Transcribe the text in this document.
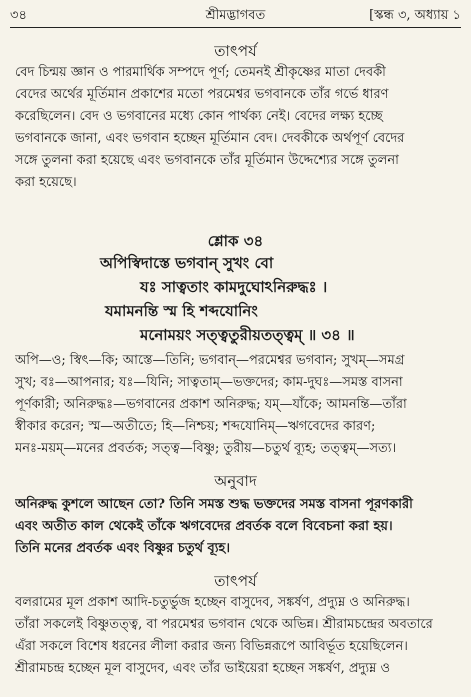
৩৪	শ্রীমদ্ভাগবত	[স্কন্ধ ৩, অধ্যায় ১
তাৎপর্য
বেদ চিন্ময় জ্ঞান ও পারমার্থিক সম্পদে পূর্ণ; তেমনই শ্রীকৃষ্ণের মাতা দেবকী
বেদের অর্থের মূর্তিমান প্রকাশের মতো পরমেশ্বর ভগবানকে তাঁর গর্ভে ধারণ
করেছিলেন। বেদ ও ভগবানের মধ্যে কোন পার্থক্য নেই। বেদের লক্ষ্য হচ্ছে
ভগবানকে জানা, এবং ভগবান হচ্ছেন মূর্তিমান বেদ। দেবকীকে অর্থপূর্ণ বেদের
সঙ্গে তুলনা করা হয়েছে এবং ভগবানকে তাঁর মূর্তিমান উদ্দেশ্যের সঙ্গে তুলনা
করা হয়েছে।
শ্লোক ৩৪
অপিস্বিদাস্তে ভগবান্ সুখং বো
যঃ সাত্বতাং কামদুঘোঽনিরুদ্ধঃ ।
যমামনন্তি স্ম হি শব্দযোনিং
মনোময়ং সত্ত্বতুরীয়তত্ত্বম্ ॥ ৩৪ ॥
অপি—ও; স্বিৎ—কি; আস্তে—তিনি; ভগবান্—পরমেশ্বর ভগবান; সুখম্—সমগ্র
সুখ; বঃ—আপনার; যঃ—যিনি; সাত্বতাম্—ভক্তদের; কাম-দুঘঃ—সমস্ত বাসনা
পূর্ণকারী; অনিরুদ্ধঃ—ভগবানের প্রকাশ অনিরুদ্ধ; যম্—যাঁকে; আমনন্তি—তাঁরা
স্বীকার করেন; স্ম—অতীতে; হি—নিশ্চয়; শব্দযোনিম্—ঋগবেদের কারণ;
মনঃ-ময়ম্—মনের প্রবর্তক; সত্ত্ব—বিষ্ণু; তুরীয়—চতুর্থ ব্যূহ; তত্ত্বম্—সত্য।
অনুবাদ
অনিরুদ্ধ কুশলে আছেন তো? তিনি সমস্ত শুদ্ধ ভক্তদের সমস্ত বাসনা পূরণকারী
এবং অতীত কাল থেকেই তাঁকে ঋগবেদের প্রবর্তক বলে বিবেচনা করা হয়।
তিনি মনের প্রবর্তক এবং বিষ্ণুর চতুর্থ ব্যূহ।
তাৎপর্য
বলরামের মূল প্রকাশ আদি-চতুর্ভুজ হচ্ছেন বাসুদেব, সঙ্কর্ষণ, প্রদ্যুম্ন ও অনিরুদ্ধ।
তাঁরা সকলেই বিষ্ণুতত্ত্ব, বা পরমেশ্বর ভগবান থেকে অভিন্ন। শ্রীরামচন্দ্রের অবতারে
এঁরা সকলে বিশেষ ধরনের লীলা করার জন্য বিভিন্নরূপে আবির্ভূত হয়েছিলেন।
শ্রীরামচন্দ্র হচ্ছেন মূল বাসুদেব, এবং তাঁর ভাইয়েরা হচ্ছেন সঙ্কর্ষণ, প্রদ্যুম্ন ও
